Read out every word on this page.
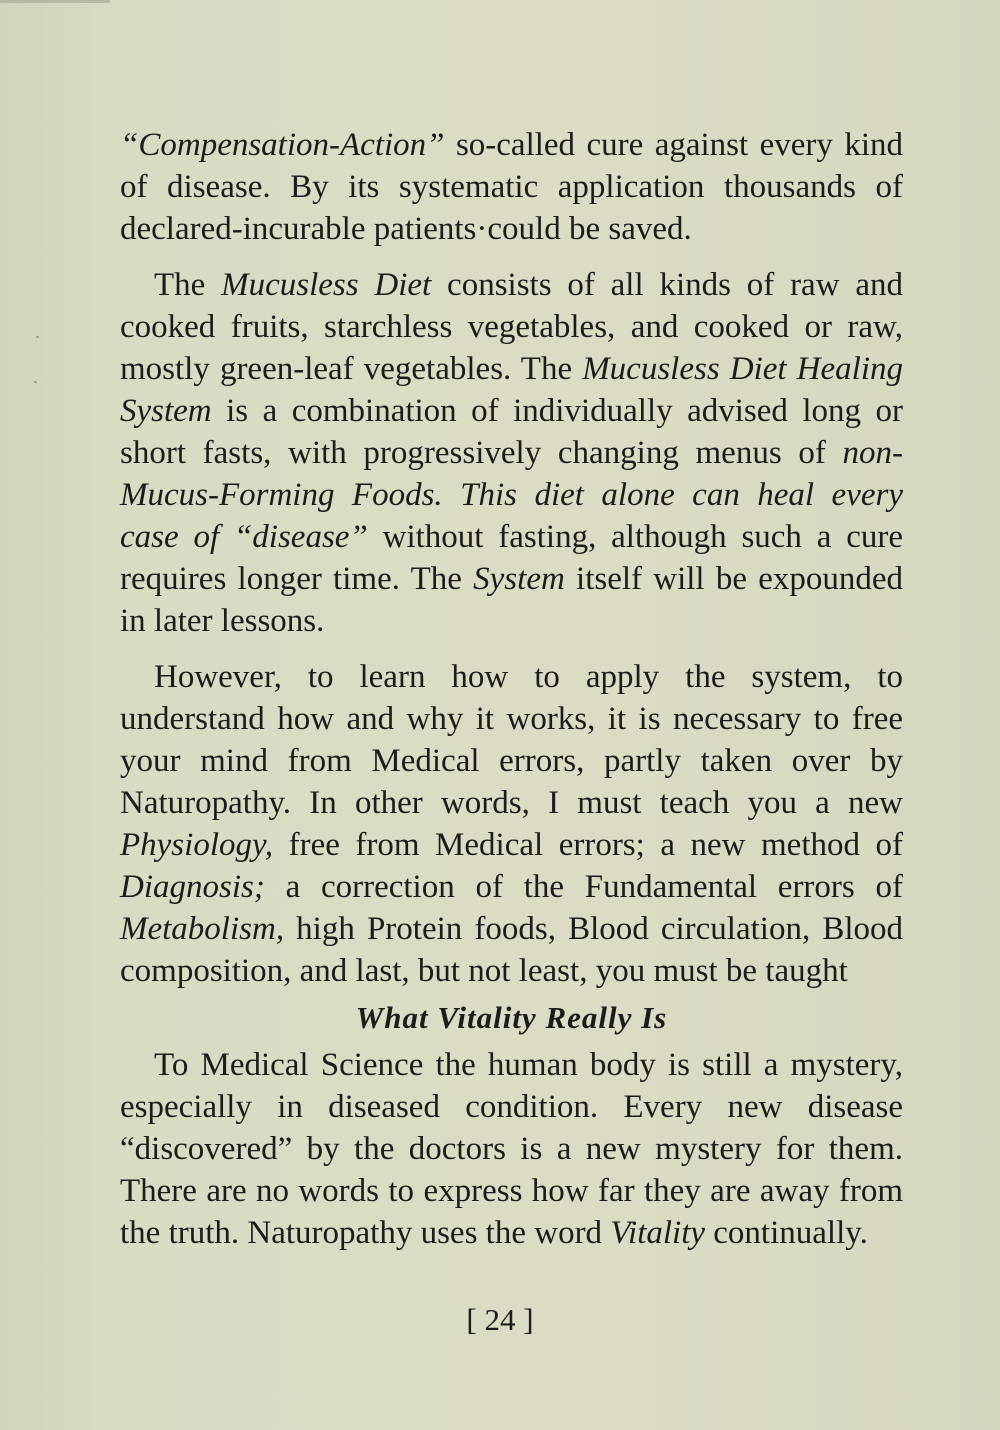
“Compensation-Action” so-called cure against every kind of disease. By its systematic application thousands of declared-incurable patients·could be saved.

The Mucusless Diet consists of all kinds of raw and cooked fruits, starchless vegetables, and cooked or raw, mostly green-leaf vegetables. The Mucusless Diet Healing System is a combination of individually advised long or short fasts, with progressively changing menus of non-Mucus-Forming Foods. This diet alone can heal every case of “disease” without fasting, although such a cure requires longer time. The System itself will be expounded in later lessons.

However, to learn how to apply the system, to understand how and why it works, it is necessary to free your mind from Medical errors, partly taken over by Naturopathy. In other words, I must teach you a new Physiology, free from Medical errors; a new method of Diagnosis; a correction of the Fundamental errors of Metabolism, high Protein foods, Blood circulation, Blood composition, and last, but not least, you must be taught

What Vitality Really Is

To Medical Science the human body is still a mystery, especially in diseased condition. Every new disease “discovered” by the doctors is a new mystery for them. There are no words to express how far they are away from the truth. Naturopathy uses the word Vitality continually.

[ 24 ]
